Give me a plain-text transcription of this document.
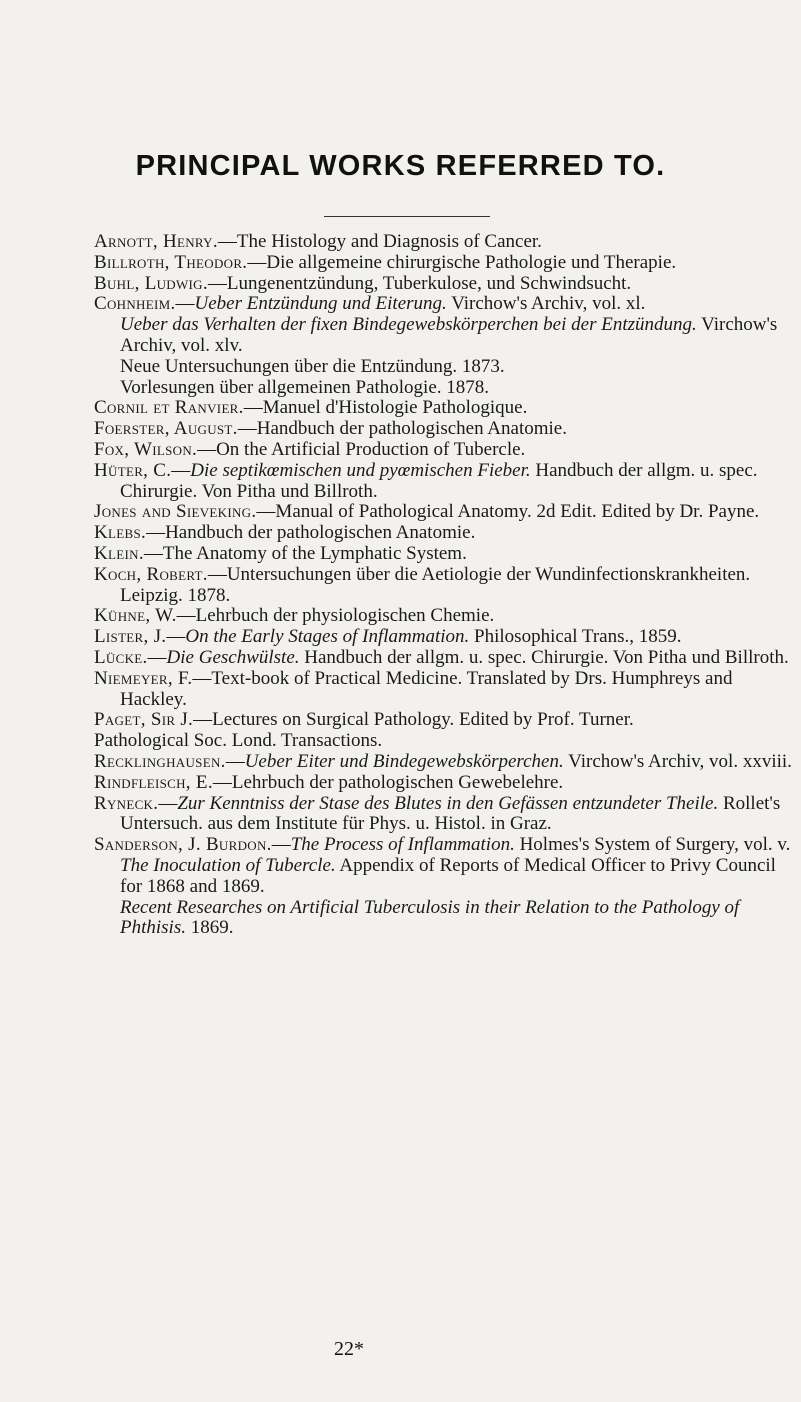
PRINCIPAL WORKS REFERRED TO.

Arnott, Henry.—The Histology and Diagnosis of Cancer.

Billroth, Theodor.—Die allgemeine chirurgische Pathologie und Therapie.

Buhl, Ludwig.—Lungenentzündung, Tuberkulose, und Schwindsucht.

Cohnheim.—Ueber Entzündung und Eiterung. Virchow's Archiv, vol. xl.

Ueber das Verhalten der fixen Bindegewebskörperchen bei der Entzündung. Virchow's Archiv, vol. xlv.

Neue Untersuchungen über die Entzündung. 1873.

Vorlesungen über allgemeinen Pathologie. 1878.

Cornil et Ranvier.—Manuel d'Histologie Pathologique.

Foerster, August.—Handbuch der pathologischen Anatomie.

Fox, Wilson.—On the Artificial Production of Tubercle.

Hüter, C.—Die septikœmischen und pyœmischen Fieber. Handbuch der allgm. u. spec. Chirurgie. Von Pitha und Billroth.

Jones and Sieveking.—Manual of Pathological Anatomy. 2d Edit. Edited by Dr. Payne.

Klebs.—Handbuch der pathologischen Anatomie.

Klein.—The Anatomy of the Lymphatic System.

Koch, Robert.—Untersuchungen über die Aetiologie der Wundinfectionskrankheiten. Leipzig. 1878.

Kühne, W.—Lehrbuch der physiologischen Chemie.

Lister, J.—On the Early Stages of Inflammation. Philosophical Trans., 1859.

Lücke.—Die Geschwülste. Handbuch der allgm. u. spec. Chirurgie. Von Pitha und Billroth.

Niemeyer, F.—Text-book of Practical Medicine. Translated by Drs. Humphreys and Hackley.

Paget, Sir J.—Lectures on Surgical Pathology. Edited by Prof. Turner.

Pathological Soc. Lond. Transactions.

Recklinghausen.—Ueber Eiter und Bindegewebskörperchen. Virchow's Archiv, vol. xxviii.

Rindfleisch, E.—Lehrbuch der pathologischen Gewebelehre.

Ryneck.—Zur Kenntniss der Stase des Blutes in den Gefässen entzundeter Theile. Rollet's Untersuch. aus dem Institute für Phys. u. Histol. in Graz.

Sanderson, J. Burdon.—The Process of Inflammation. Holmes's System of Surgery, vol. v.

The Inoculation of Tubercle. Appendix of Reports of Medical Officer to Privy Council for 1868 and 1869.

Recent Researches on Artificial Tuberculosis in their Relation to the Pathology of Phthisis. 1869.

22*
